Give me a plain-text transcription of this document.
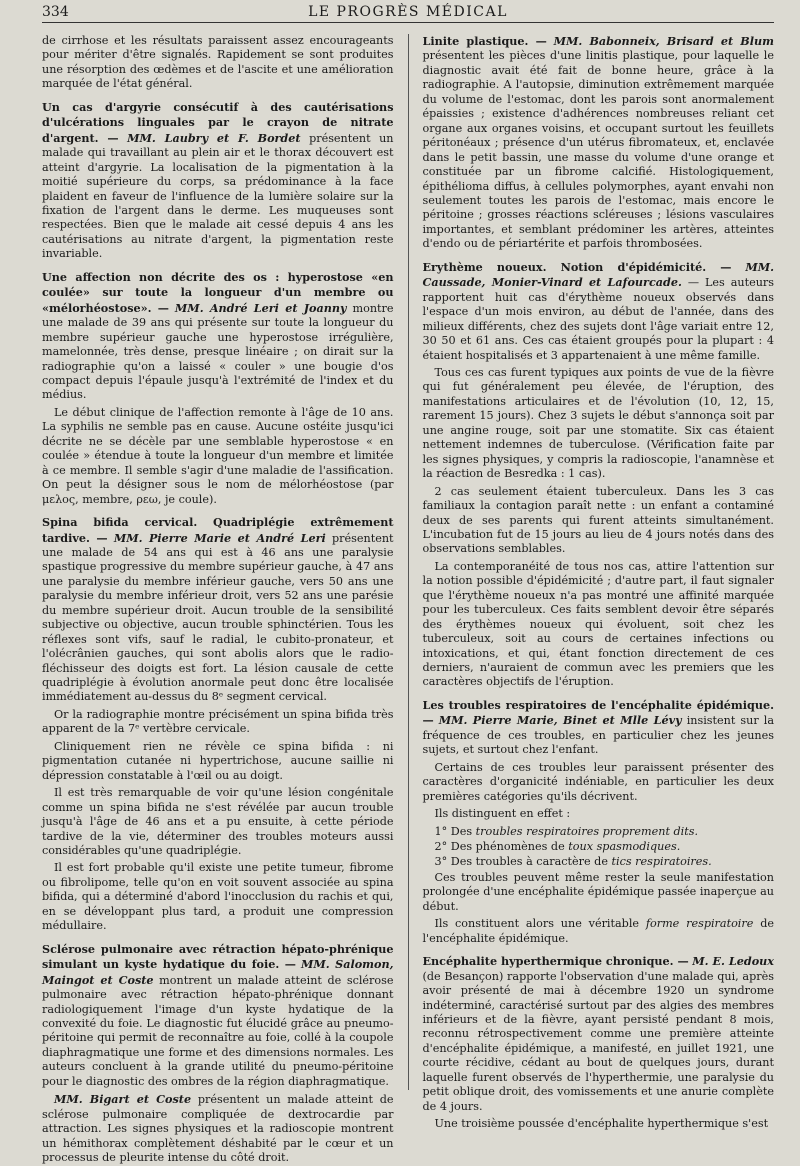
334	LE PROGRÈS MÉDICAL

de cirrhose et les résultats paraissent assez encourageants pour mériter d'être signalés. Rapidement se sont produites une résorption des œdèmes et de l'ascite et une amélioration marquée de l'état général.

Un cas d'argyrie consécutif à des cautérisations d'ulcérations linguales par le crayon de nitrate d'argent. — MM. Laubry et F. Bordet présentent un malade qui travaillant au plein air et le thorax découvert est atteint d'argyrie. La localisation de la pigmentation à la moitié supérieure du corps, sa prédominance à la face plaident en faveur de l'influence de la lumière solaire sur la fixation de l'argent dans le derme. Les muqueuses sont respectées. Bien que le malade ait cessé depuis 4 ans les cautérisations au nitrate d'argent, la pigmentation reste invariable.

Une affection non décrite des os : hyperostose «en coulée» sur toute la longueur d'un membre ou «mélorhéostose». — MM. André Leri et Joanny montre une malade de 39 ans qui présente sur toute la longueur du membre supérieur gauche une hyperostose irrégulière, mamelonnée, très dense, presque linéaire ; on dirait sur la radiographie qu'on a laissé « couler » une bougie d'os compact depuis l'épaule jusqu'à l'extrémité de l'index et du médius.

Le début clinique de l'affection remonte à l'âge de 10 ans. La syphilis ne semble pas en cause. Aucune ostéite jusqu'ici décrite ne se décèle par une semblable hyperostose « en coulée » étendue à toute la longueur d'un membre et limitée à ce membre. Il semble s'agir d'une maladie de l'assification. On peut la désigner sous le nom de mélorhéostose (par μελος, membre, ρεω, je coule).

Spina bifida cervical. Quadriplégie extrêmement tardive. — MM. Pierre Marie et André Leri présentent une malade de 54 ans qui est à 46 ans une paralysie spastique progressive du membre supérieur gauche, à 47 ans une paralysie du membre inférieur gauche, vers 50 ans une paralysie du membre inférieur droit, vers 52 ans une parésie du membre supérieur droit. Aucun trouble de la sensibilité subjective ou objective, aucun trouble sphinctérien. Tous les réflexes sont vifs, sauf le radial, le cubito-pronateur, et l'olécrânien gauches, qui sont abolis alors que le radio-fléchisseur des doigts est fort. La lésion causale de cette quadriplégie à évolution anormale peut donc être localisée immédiatement au-dessus du 8ᵉ segment cervical.

Or la radiographie montre précisément un spina bifida très apparent de la 7ᵉ vertèbre cervicale.

Cliniquement rien ne révèle ce spina bifida : ni pigmentation cutanée ni hypertrichose, aucune saillie ni dépression constatable à l'œil ou au doigt.

Il est très remarquable de voir qu'une lésion congénitale comme un spina bifida ne s'est révélée par aucun trouble jusqu'à l'âge de 46 ans et a pu ensuite, à cette période tardive de la vie, déterminer des troubles moteurs aussi considérables qu'une quadriplégie.

Il est fort probable qu'il existe une petite tumeur, fibrome ou fibrolipome, telle qu'on en voit souvent associée au spina bifida, qui a déterminé d'abord l'inocclusion du rachis et qui, en se développant plus tard, a produit une compression médullaire.

Sclérose pulmonaire avec rétraction hépato-phrénique simulant un kyste hydatique du foie. — MM. Salomon, Maingot et Coste montrent un malade atteint de sclérose pulmonaire avec rétraction hépato-phrénique donnant radiologiquement l'image d'un kyste hydatique de la convexité du foie. Le diagnostic fut élucidé grâce au pneumo-péritoine qui permit de reconnaître au foie, collé à la coupole diaphragmatique une forme et des dimensions normales. Les auteurs concluent à la grande utilité du pneumo-péritoine pour le diagnostic des ombres de la région diaphragmatique.

MM. Bigart et Coste présentent un malade atteint de sclérose pulmonaire compliquée de dextrocardie par attraction. Les signes physiques et la radioscopie montrent un hémithorax complètement déshabité par le cœur et un processus de pleurite intense du côté droit.

Linite plastique. — MM. Babonneix, Brisard et Blum présentent les pièces d'une linitis plastique, pour laquelle le diagnostic avait été fait de bonne heure, grâce à la radiographie. A l'autopsie, diminution extrêmement marquée du volume de l'estomac, dont les parois sont anormalement épaissies ; existence d'adhérences nombreuses reliant cet organe aux organes voisins, et occupant surtout les feuillets péritonéaux ; présence d'un utérus fibromateux, et, enclavée dans le petit bassin, une masse du volume d'une orange et constituée par un fibrome calcifié. Histologiquement, épithélioma diffus, à cellules polymorphes, ayant envahi non seulement toutes les parois de l'estomac, mais encore le péritoine ; grosses réactions scléreuses ; lésions vasculaires importantes, et semblant prédominer les artères, atteintes d'endo ou de périartérite et parfois thrombosées.

Erythème noueux. Notion d'épidémicité. — MM. Caussade, Monier-Vinard et Lafourcade. — Les auteurs rapportent huit cas d'érythème noueux observés dans l'espace d'un mois environ, au début de l'année, dans des milieux différents, chez des sujets dont l'âge variait entre 12, 30 50 et 61 ans. Ces cas étaient groupés pour la plupart : 4 étaient hospitalisés et 3 appartenaient à une même famille.

Tous ces cas furent typiques aux points de vue de la fièvre qui fut généralement peu élevée, de l'éruption, des manifestations articulaires et de l'évolution (10, 12, 15, rarement 15 jours). Chez 3 sujets le début s'annonça soit par une angine rouge, soit par une stomatite. Six cas étaient nettement indemnes de tuberculose. (Vérification faite par les signes physiques, y compris la radioscopie, l'anamnèse et la réaction de Besredka : 1 cas).

2 cas seulement étaient tuberculeux. Dans les 3 cas familiaux la contagion paraît nette : un enfant a contaminé deux de ses parents qui furent atteints simultanément. L'incubation fut de 15 jours au lieu de 4 jours notés dans des observations semblables.

La contemporanéité de tous nos cas, attire l'attention sur la notion possible d'épidémicité ; d'autre part, il faut signaler que l'érythème noueux n'a pas montré une affinité marquée pour les tuberculeux. Ces faits semblent devoir être séparés des érythèmes noueux qui évoluent, soit chez les tuberculeux, soit au cours de certaines infections ou intoxications, et qui, étant fonction directement de ces derniers, n'auraient de commun avec les premiers que les caractères objectifs de l'éruption.

Les troubles respiratoires de l'encéphalite épidémique. — MM. Pierre Marie, Binet et Mlle Lévy insistent sur la fréquence de ces troubles, en particulier chez les jeunes sujets, et surtout chez l'enfant.

Certains de ces troubles leur paraissent présenter des caractères d'organicité indéniable, en particulier les deux premières catégories qu'ils décrivent.

Ils distinguent en effet :

1° Des troubles respiratoires proprement dits.

2° Des phénomènes de toux spasmodiques.

3° Des troubles à caractère de tics respiratoires.

Ces troubles peuvent même rester la seule manifestation prolongée d'une encéphalite épidémique passée inaperçue au début.

Ils constituent alors une véritable forme respiratoire de l'encéphalite épidémique.

Encéphalite hyperthermique chronique. — M. E. Ledoux (de Besançon) rapporte l'observation d'une malade qui, après avoir présenté de mai à décembre 1920 un syndrome indéterminé, caractérisé surtout par des algies des membres inférieurs et de la fièvre, ayant persisté pendant 8 mois, reconnu rétrospectivement comme une première atteinte d'encéphalite épidémique, a manifesté, en juillet 1921, une courte récidive, cédant au bout de quelques jours, durant laquelle furent observés de l'hyperthermie, une paralysie du petit oblique droit, des vomissements et une anurie complète de 4 jours.

Une troisième poussée d'encéphalite hyperthermique s'est
